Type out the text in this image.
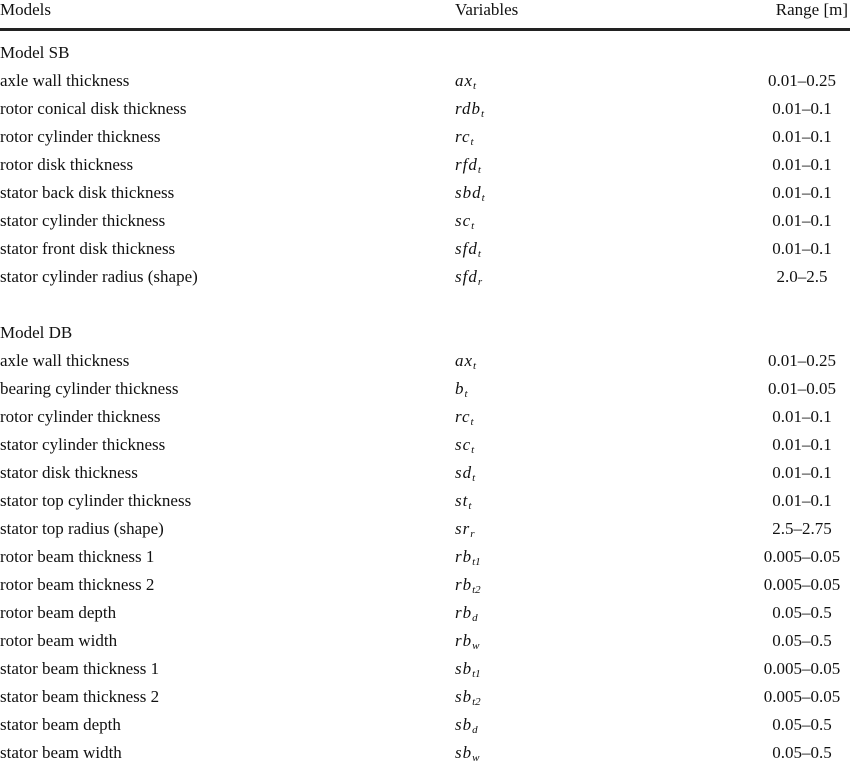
Models	Variables	Range [m]
Model SB
axle wall thickness	$ax_t$	0.01–0.25
rotor conical disk thickness	rdb$_t$	0.01–0.1
rotor cylinder thickness	$rc_t$	0.01–0.1
rotor disk thickness	rfd$_t$	0.01–0.1
stator back disk thickness	sbd$_t$	0.01–0.1
stator cylinder thickness	$sc_t$	0.01–0.1
stator front disk thickness	sfd$_t$	0.01–0.1
stator cylinder radius (shape)	sfd$_r$	2.0–2.5
Model DB
axle wall thickness	$ax_t$	0.01–0.25
bearing cylinder thickness	$b_t$	0.01–0.05
rotor cylinder thickness	$rc_t$	0.01–0.1
stator cylinder thickness	$sc_t$	0.01–0.1
stator disk thickness	$sd_t$	0.01–0.1
stator top cylinder thickness	$st_t$	0.01–0.1
stator top radius (shape)	$sr_r$	2.5–2.75
rotor beam thickness 1	$rb_{t1}$	0.005–0.05
rotor beam thickness 2	$rb_{t2}$	0.005–0.05
rotor beam depth	$rb_d$	0.05–0.5
rotor beam width	$rb_w$	0.05–0.5
stator beam thickness 1	$sb_{t1}$	0.005–0.05
stator beam thickness 2	$sb_{t2}$	0.005–0.05
stator beam depth	$sb_d$	0.05–0.5
stator beam width	$sb_w$	0.05–0.5
